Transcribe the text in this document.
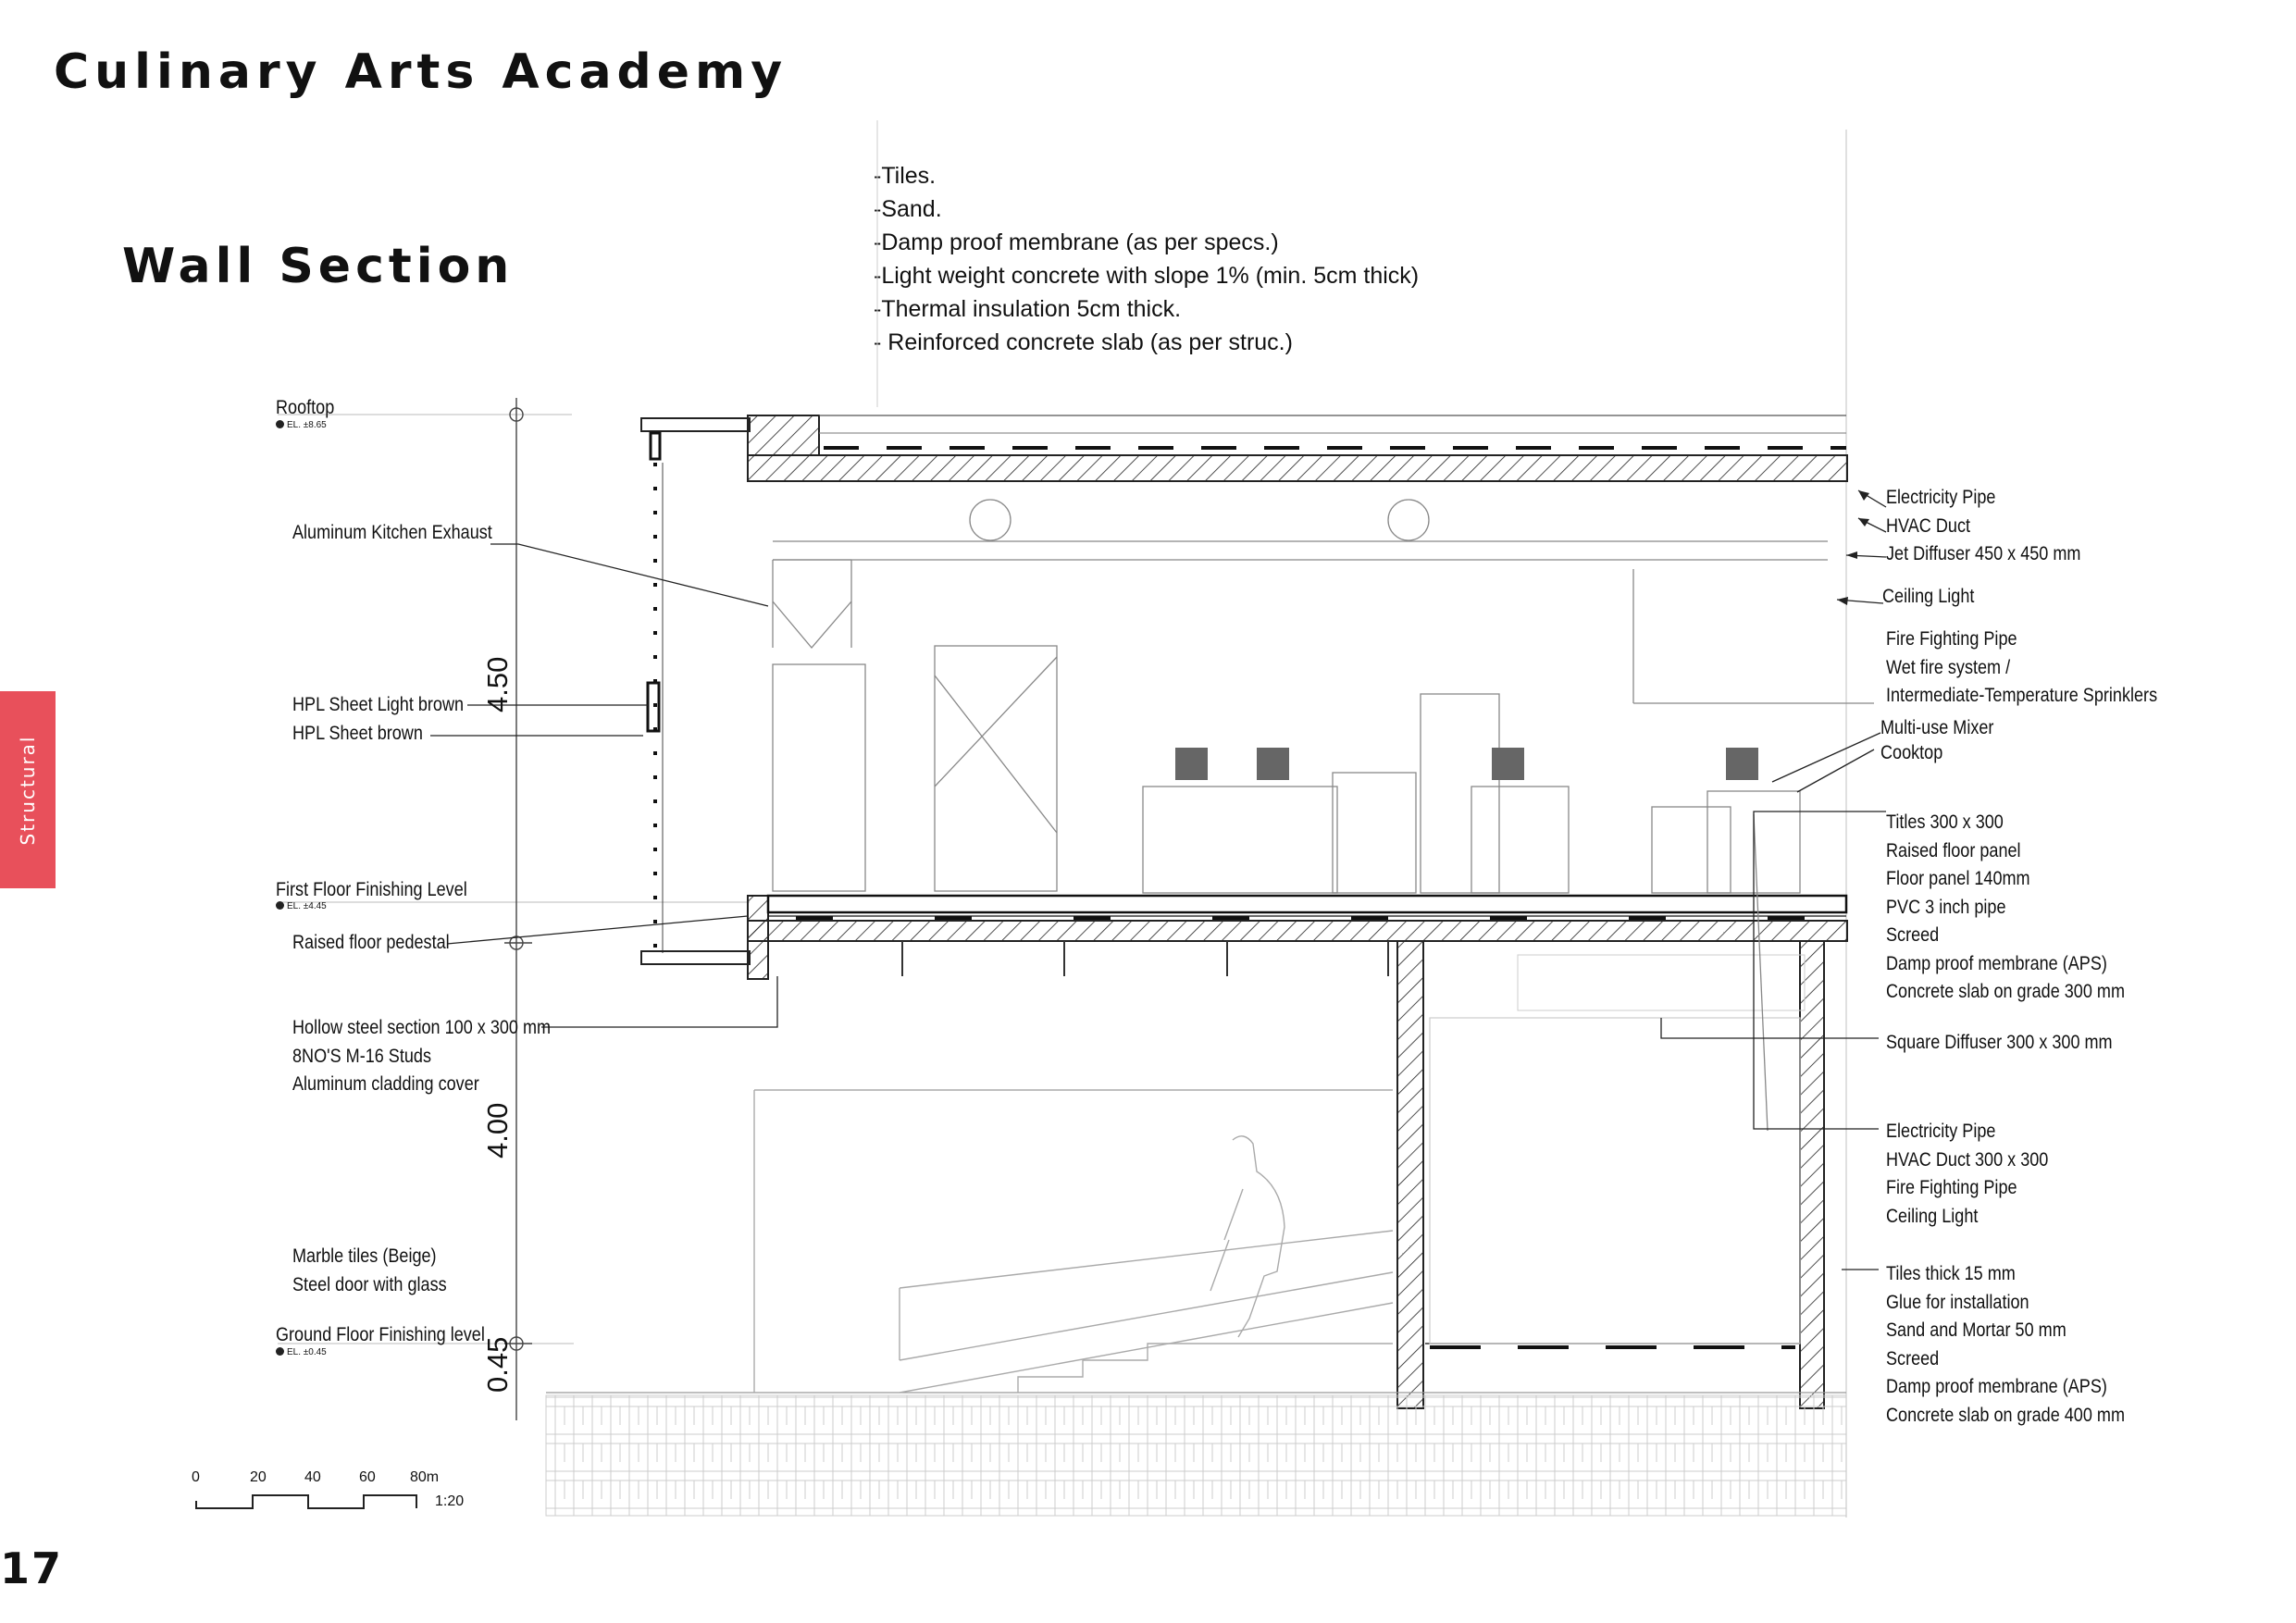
Culinary Arts Academy
Wall Section
Structural
17
-Tiles.
-Sand.
-Damp proof membrane (as per specs.)
-Light weight concrete with slope 1% (min. 5cm thick)
-Thermal insulation 5cm thick.
- Reinforced concrete slab (as per struc.)
Rooftop
EL. ±8.65
First Floor Finishing Level
EL. ±4.45
Ground Floor Finishing level
EL. ±0.45
4.50
4.00
0.45
Aluminum Kitchen Exhaust
HPL Sheet Light brown
HPL Sheet brown
Raised floor pedestal
Hollow steel section 100 x 300 mm
8NO'S M-16 Studs
Aluminum cladding cover
Marble tiles (Beige)
Steel door with glass
Electricity Pipe
HVAC Duct
Jet Diffuser 450 x 450 mm
Ceiling Light
Fire Fighting Pipe
Wet fire system /
Intermediate-Temperature Sprinklers
Multi-use Mixer
Cooktop
Titles 300 x 300
Raised floor panel
Floor panel 140mm
PVC 3 inch pipe
Screed
Damp proof membrane (APS)
Concrete slab on grade 300 mm
Square Diffuser 300 x 300 mm
Electricity Pipe
HVAC Duct 300 x 300
Fire Fighting Pipe
Ceiling Light
Tiles thick 15 mm
Glue for installation
Sand and Mortar 50 mm
Screed
Damp proof membrane (APS)
Concrete slab on grade 400 mm
0	20	40	60 80m
1:20
